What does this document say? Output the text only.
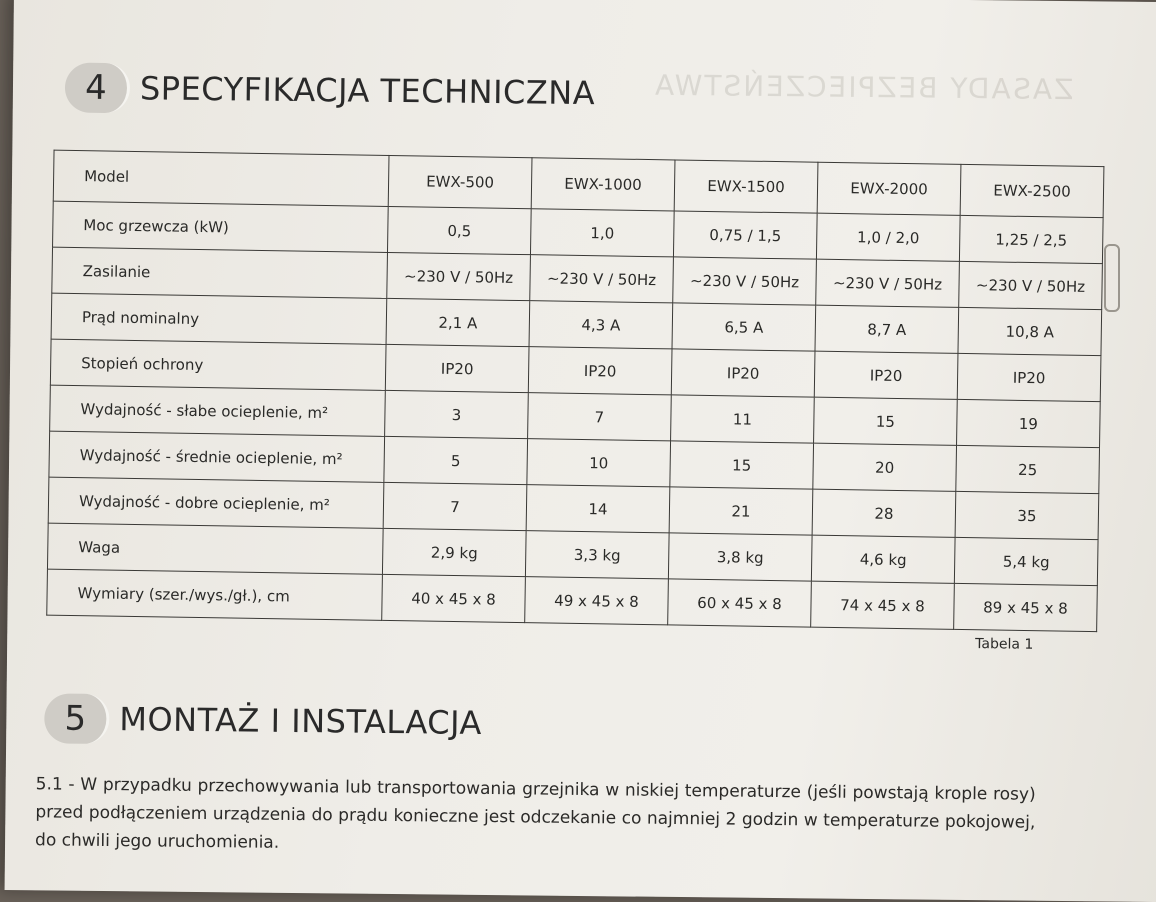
ZASADY BEZPIECZEŃSTWA
4	SPECYFIKACJA TECHNICZNA
Model	EWX-500	EWX-1000	EWX-1500	EWX-2000	EWX-2500
Moc grzewcza (kW)	0,5	1,0	0,75 / 1,5	1,0 / 2,0	1,25 / 2,5
Zasilanie	~230 V / 50Hz	~230 V / 50Hz	~230 V / 50Hz	~230 V / 50Hz	~230 V / 50Hz
Prąd nominalny	2,1 A	4,3 A	6,5 A	8,7 A	10,8 A
Stopień ochrony	IP20	IP20	IP20	IP20	IP20
Wydajność - słabe ocieplenie, m²	3	7	11	15	19
Wydajność - średnie ocieplenie, m²	5	10	15	20	25
Wydajność - dobre ocieplenie, m²	7	14	21	28	35
Waga	2,9 kg	3,3 kg	3,8 kg	4,6 kg	5,4 kg
Wymiary (szer./wys./gł.), cm	40 x 45 x 8	49 x 45 x 8	60 x 45 x 8	74 x 45 x 8	89 x 45 x 8
Tabela 1
5	MONTAŻ I INSTALACJA
5.1 - W przypadku przechowywania lub transportowania grzejnika w niskiej temperaturze (jeśli powstają krople rosy) przed podłączeniem urządzenia do prądu konieczne jest odczekanie co najmniej 2 godzin w temperaturze pokojowej, do chwili jego uruchomienia.
